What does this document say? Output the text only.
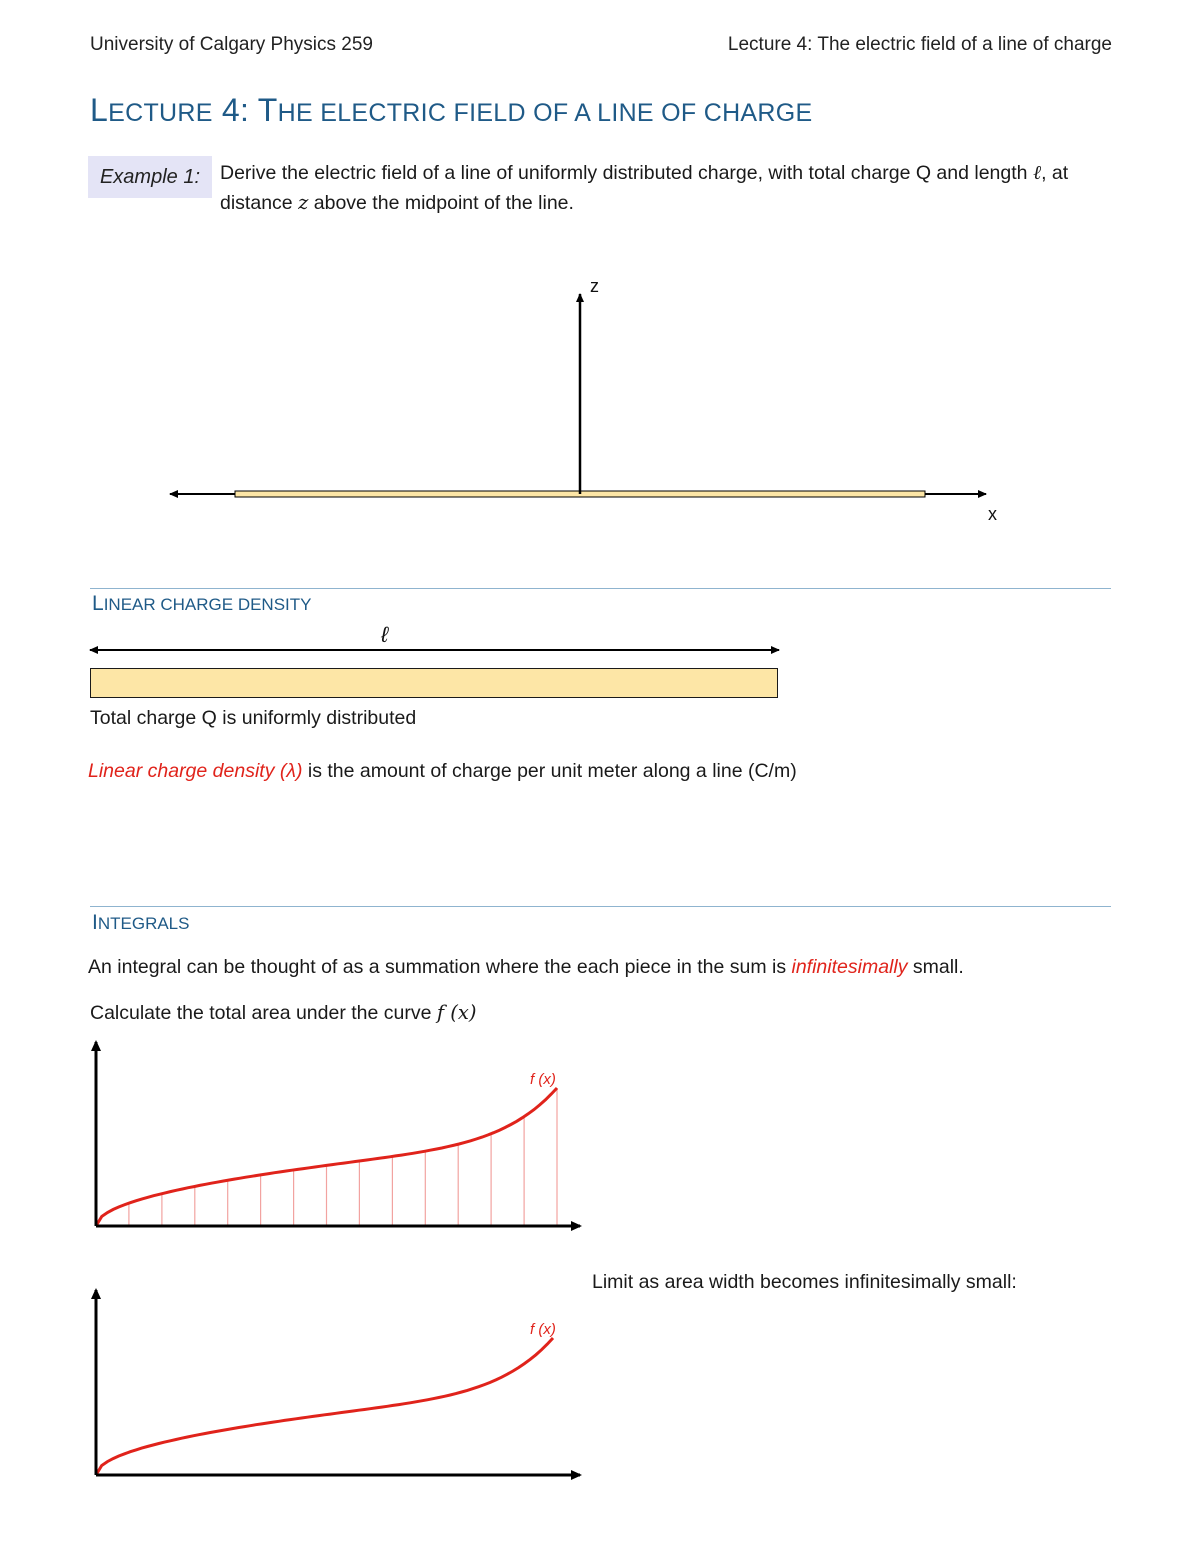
University of Calgary Physics 259	Lecture 4: The electric field of a line of charge
LECTURE 4: THE ELECTRIC FIELD OF A LINE OF CHARGE
Example 1:	Derive the electric field of a line of uniformly distributed charge, with total charge Q and length ℓ, at distance z above the midpoint of the line.
z
x
LINEAR CHARGE DENSITY
ℓ
Total charge Q is uniformly distributed
Linear charge density (λ) is the amount of charge per unit meter along a line (C/m)
INTEGRALS
An integral can be thought of as a summation where the each piece in the sum is infinitesimally small.
Calculate the total area under the curve f (x)
f (x)
Limit as area width becomes infinitesimally small:
f (x)
